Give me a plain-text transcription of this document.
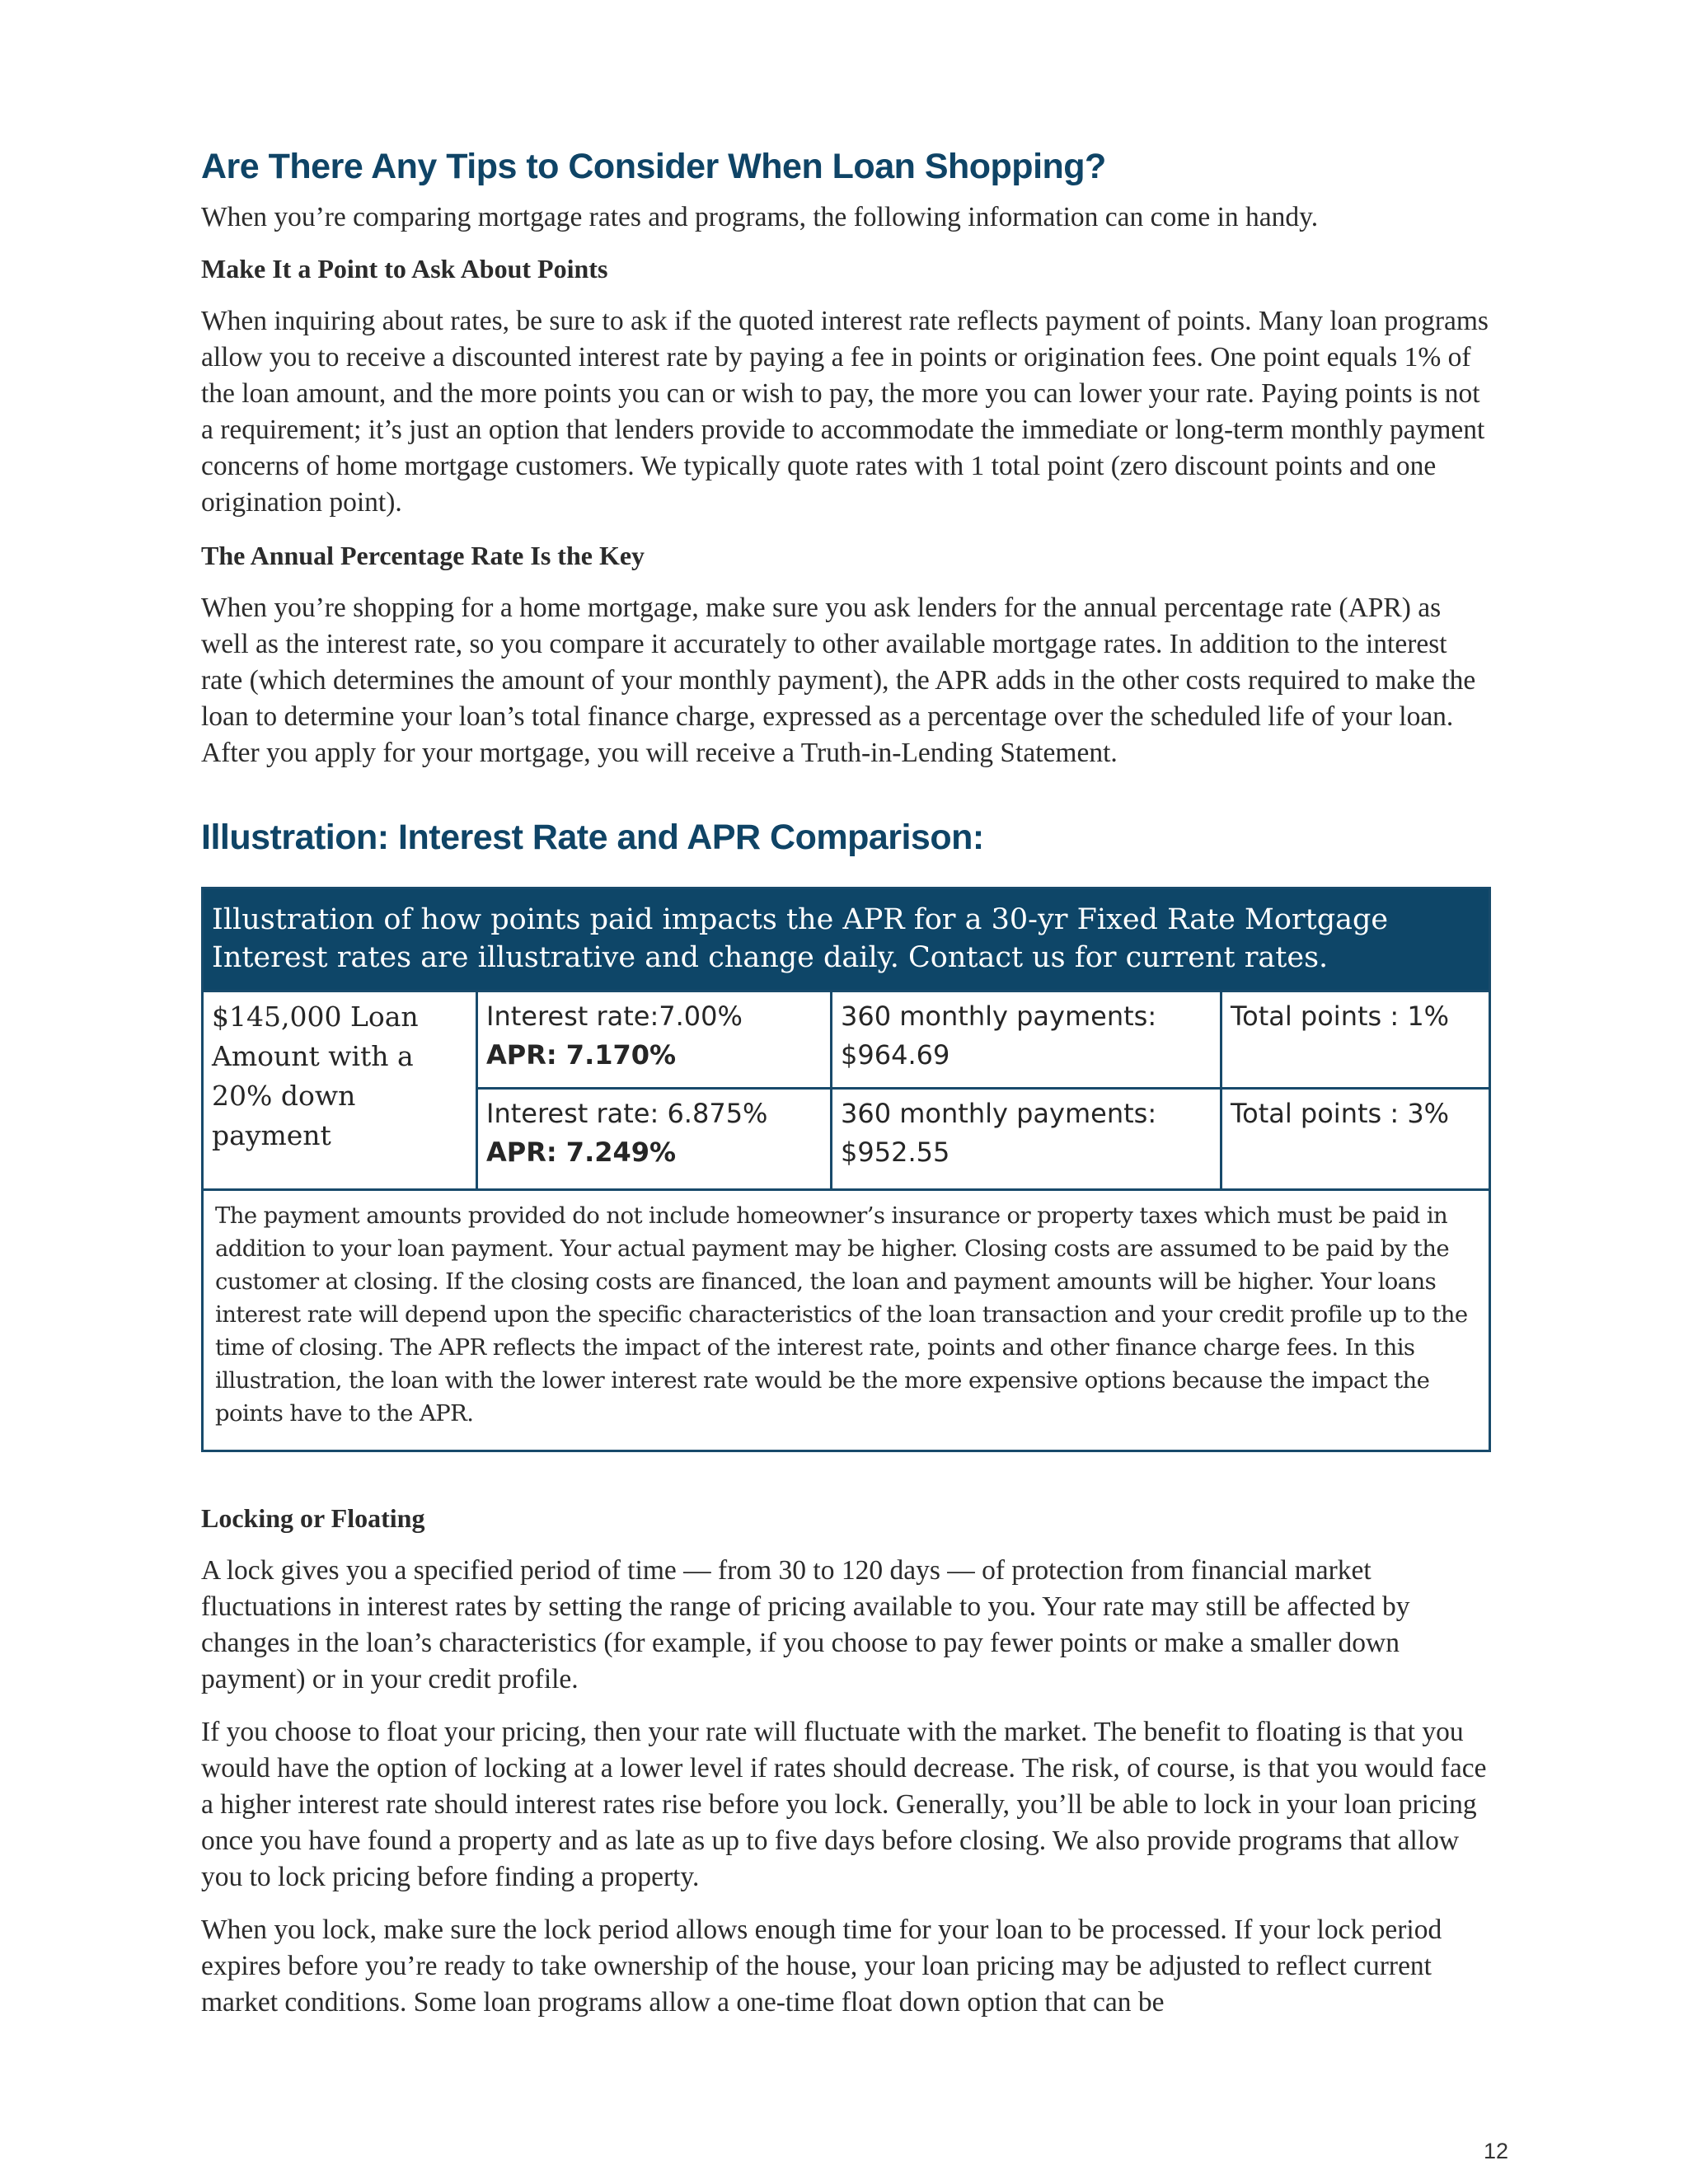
Are There Any Tips to Consider When Loan Shopping?

When you’re comparing mortgage rates and programs, the following information can come in handy.

Make It a Point to Ask About Points

When inquiring about rates, be sure to ask if the quoted interest rate reflects payment of points. Many loan programs allow you to receive a discounted interest rate by paying a fee in points or origination fees. One point equals 1% of the loan amount, and the more points you can or wish to pay, the more you can lower your rate. Paying points is not a requirement; it’s just an option that lenders provide to accommodate the immediate or long-term monthly payment concerns of home mortgage customers. We typically quote rates with 1 total point (zero discount points and one origination point).

The Annual Percentage Rate Is the Key

When you’re shopping for a home mortgage, make sure you ask lenders for the annual percentage rate (APR) as well as the interest rate, so you compare it accurately to other available mortgage rates. In addition to the interest rate (which determines the amount of your monthly payment), the APR adds in the other costs required to make the loan to determine your loan’s total finance charge, expressed as a percentage over the scheduled life of your loan. After you apply for your mortgage, you will receive a Truth-in-Lending Statement.

Illustration: Interest Rate and APR Comparison:
Illustration of how points paid impacts the APR for a 30-yr Fixed Rate Mortgage
Interest rates are illustrative and change daily. Contact us for current rates.
$145,000 Loan Amount with a 20% down payment
Interest rate:7.00%
APR: 7.170%
360 monthly payments:
$964.69
Total points : 1%
Interest rate: 6.875%
APR: 7.249%
360 monthly payments:
$952.55
Total points : 3%
The payment amounts provided do not include homeowner’s insurance or property taxes which must be paid in addition to your loan payment. Your actual payment may be higher. Closing costs are assumed to be paid by the customer at closing. If the closing costs are financed, the loan and payment amounts will be higher. Your loans interest rate will depend upon the specific characteristics of the loan transaction and your credit profile up to the time of closing. The APR reflects the impact of the interest rate, points and other finance charge fees. In this illustration, the loan with the lower interest rate would be the more expensive options because the impact the points have to the APR.
Locking or Floating

A lock gives you a specified period of time — from 30 to 120 days — of protection from financial market fluctuations in interest rates by setting the range of pricing available to you. Your rate may still be affected by changes in the loan’s characteristics (for example, if you choose to pay fewer points or make a smaller down payment) or in your credit profile.

If you choose to float your pricing, then your rate will fluctuate with the market. The benefit to floating is that you would have the option of locking at a lower level if rates should decrease. The risk, of course, is that you would face a higher interest rate should interest rates rise before you lock. Generally, you’ll be able to lock in your loan pricing once you have found a property and as late as up to five days before closing. We also provide programs that allow you to lock pricing before finding a property.

When you lock, make sure the lock period allows enough time for your loan to be processed. If your lock period expires before you’re ready to take ownership of the house, your loan pricing may be adjusted to reflect current market conditions. Some loan programs allow a one-time float down option that can be

12
